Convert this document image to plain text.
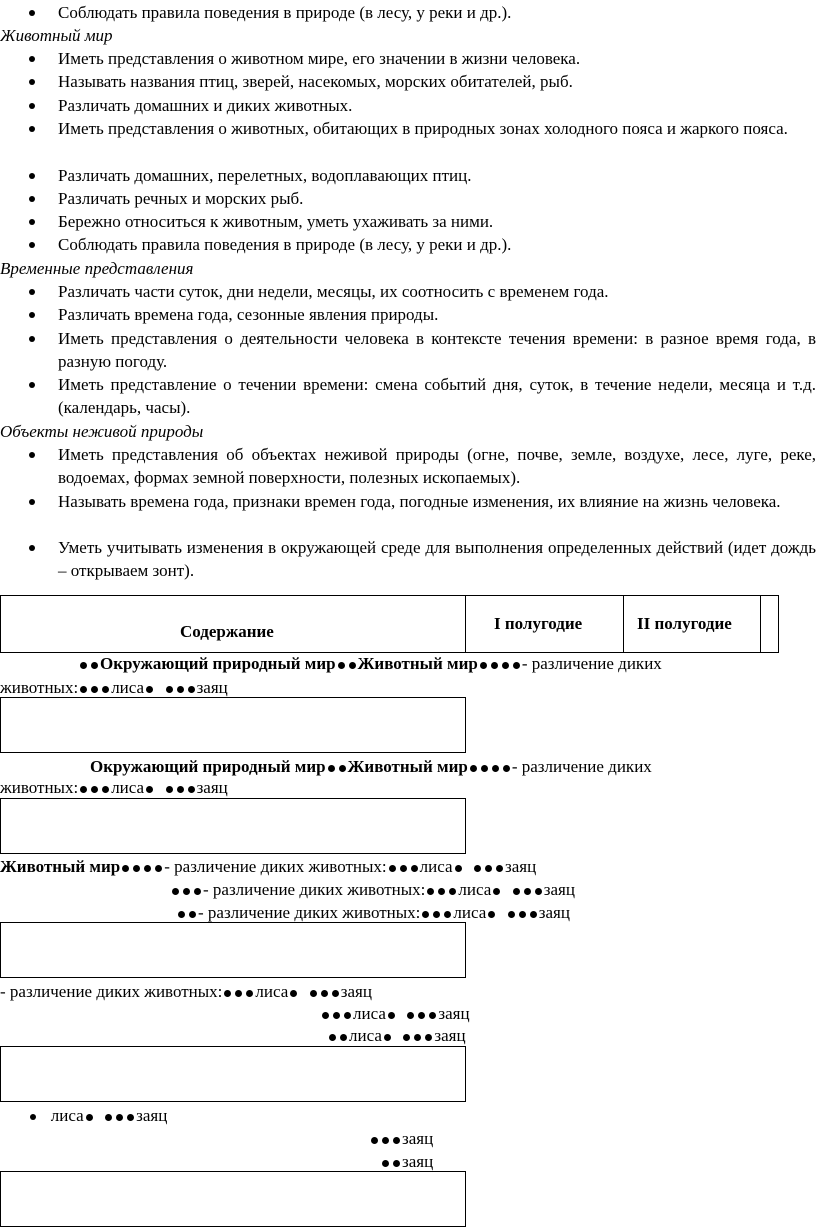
Соблюдать правила поведения в природе (в лесу, у реки и др.).
Животный мир
Иметь представления о животном мире, его значении в жизни человека.
Называть названия птиц, зверей, насекомых, морских обитателей, рыб.
Различать домашних и диких животных.
Иметь представления о животных, обитающих в природных зонах холодного пояса и жаркого пояса.
Различать домашних, перелетных, водоплавающих птиц.
Различать речных и морских рыб.
Бережно относиться к животным, уметь ухаживать за ними.
Соблюдать правила поведения в природе (в лесу, у реки и др.).
Временные представления
Различать части суток, дни недели, месяцы, их соотносить с временем года.
Различать времена года, сезонные явления природы.
Иметь представления о деятельности человека в контексте течения времени: в разное время года, в разную погоду.
Иметь представление о течении времени: смена событий дня, суток, в течение недели, месяца и т.д. (календарь, часы).
Объекты неживой природы
Иметь представления об объектах неживой природы (огне, почве, земле, воздухе, лесе, луге, реке, водоемах, формах земной поверхности, полезных ископаемых).
Называть времена года, признаки времен года, погодные изменения, их влияние на жизнь человека.
Уметь учитывать изменения в окружающей среде для выполнения определенных действий (идет дождь – открываем зонт).
Содержание	I полугодие	II полугодие
Окружающий природный мир Животный мир	- различение диких
животных: лиса	заяц
Окружающий природный мир Животный мир	- различение диких
животных: лиса	заяц
Животный мир	- различение диких животных: лиса	заяц
- различение диких животных: лиса	заяц
- различение диких животных: лиса	заяц
- различение диких животных: лиса	заяц
лиса	заяц
лиса	заяц
лиса	заяц
заяц
заяц
